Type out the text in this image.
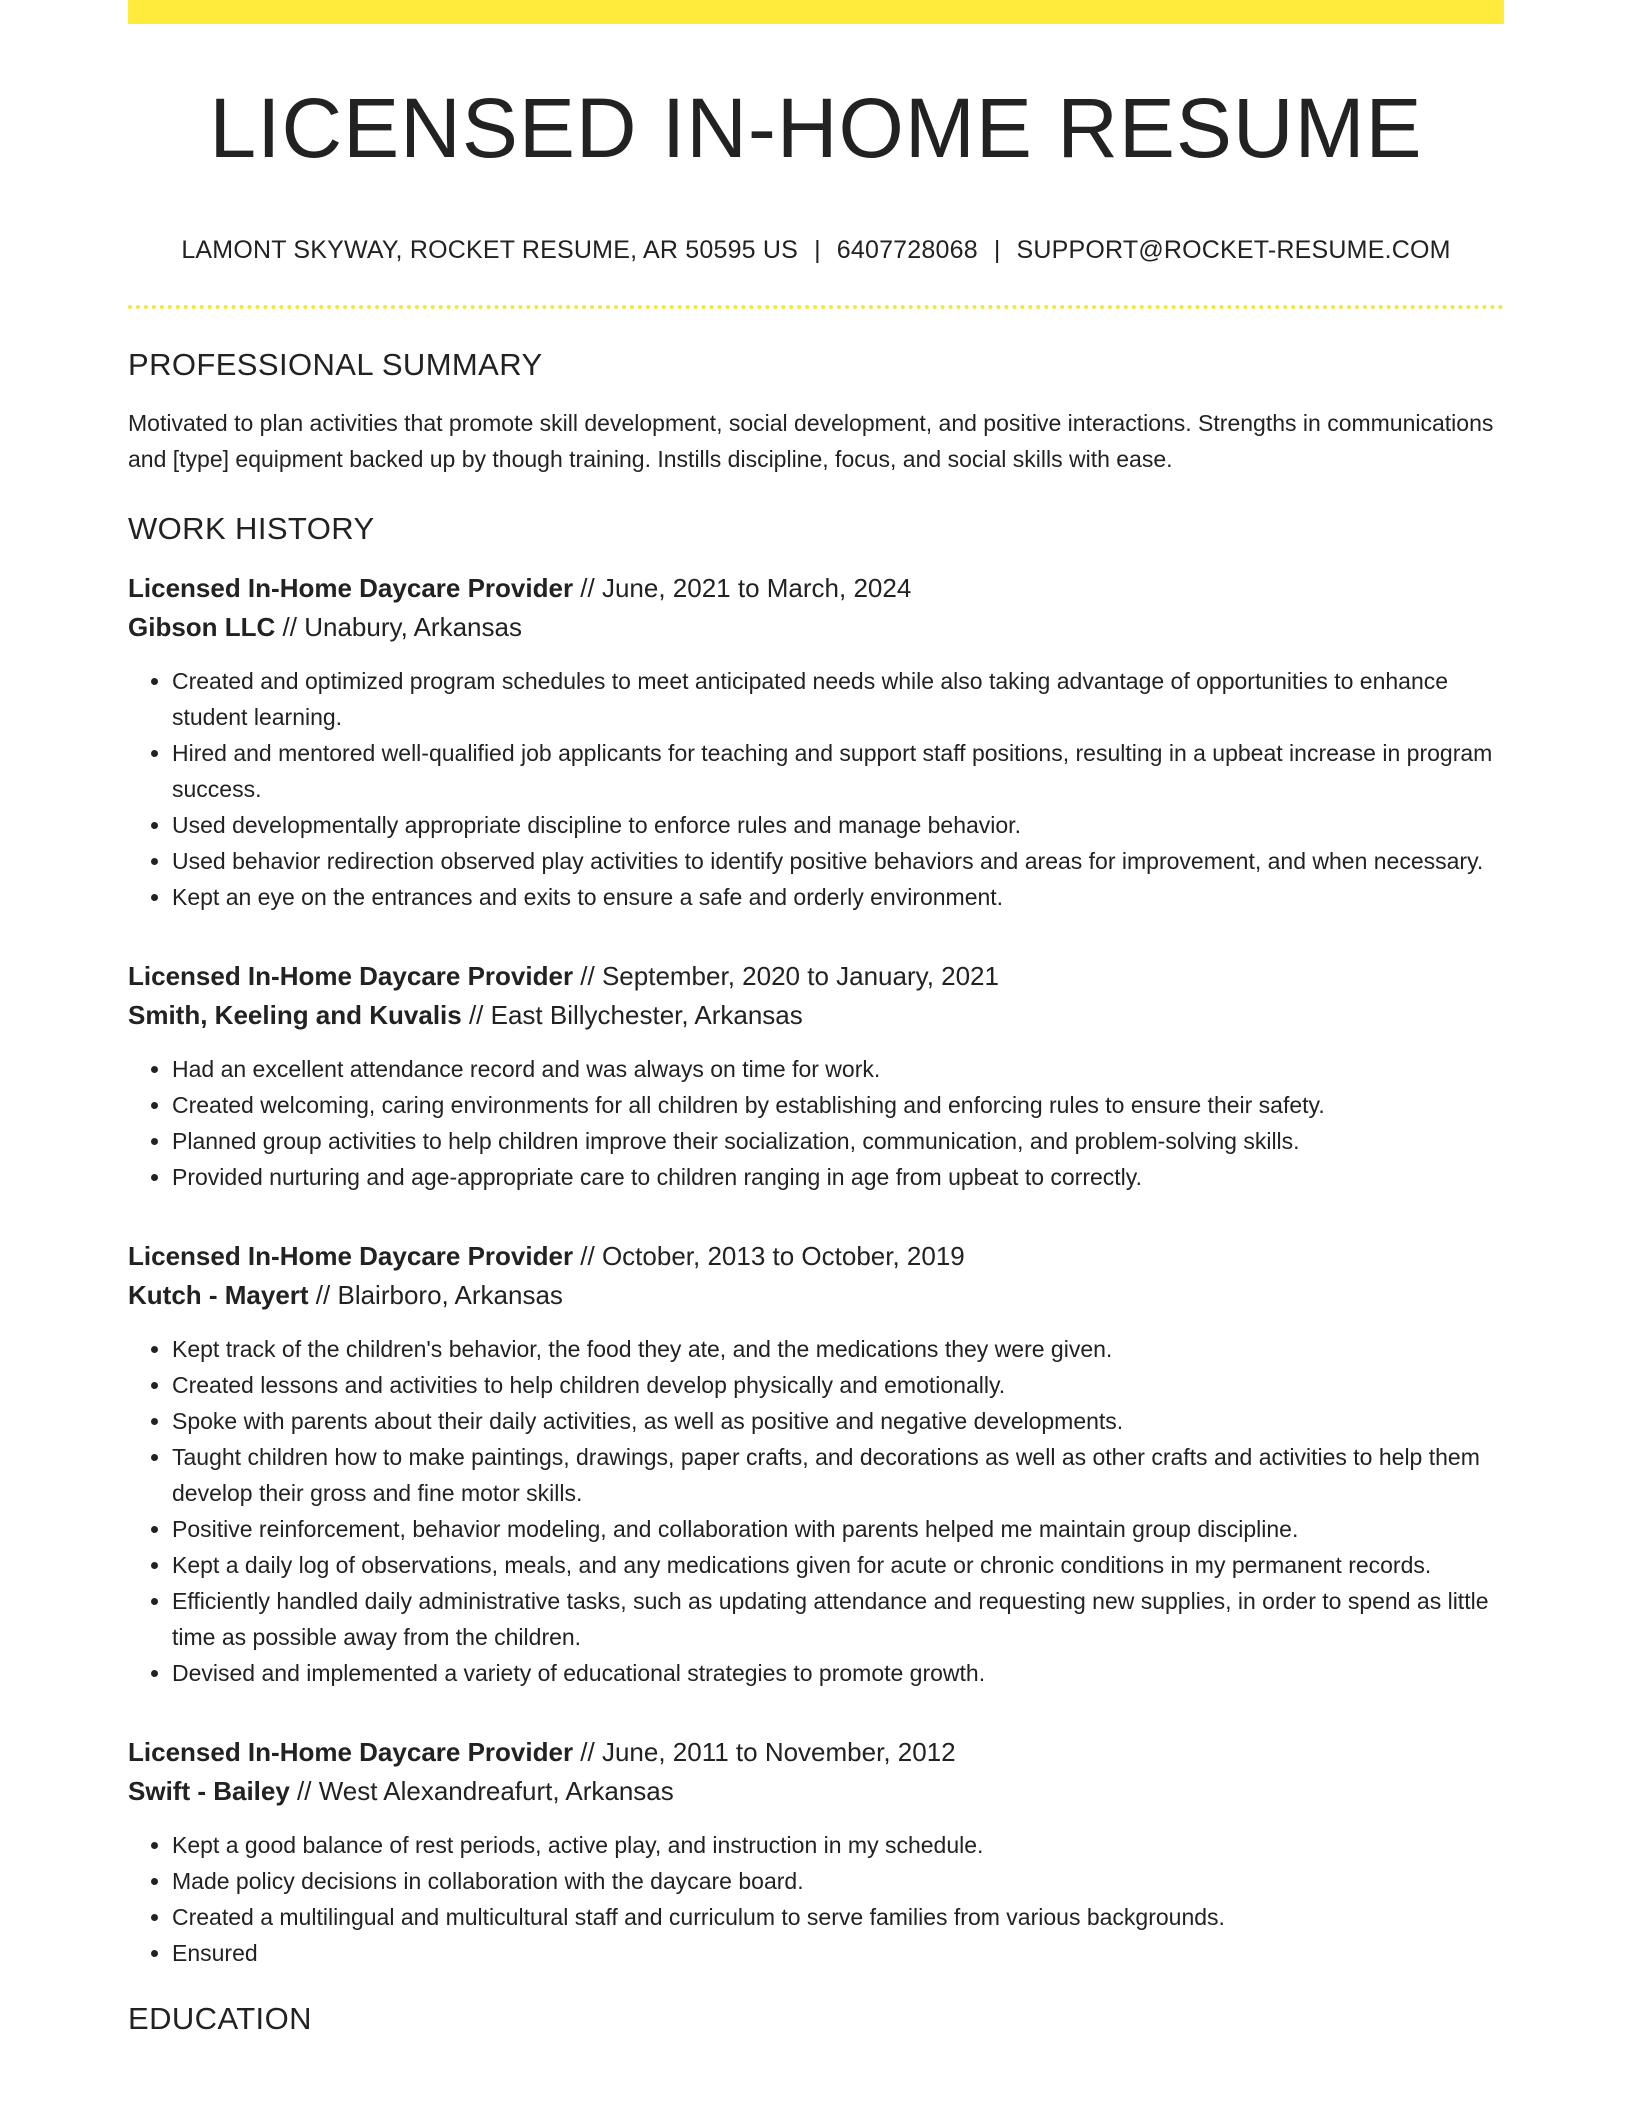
LICENSED IN-HOME RESUME
LAMONT SKYWAY, ROCKET RESUME, AR 50595 US | 6407728068 | SUPPORT@ROCKET-RESUME.COM
PROFESSIONAL SUMMARY
Motivated to plan activities that promote skill development, social development, and positive interactions. Strengths in communications and [type] equipment backed up by though training. Instills discipline, focus, and social skills with ease.
WORK HISTORY
Licensed In-Home Daycare Provider // June, 2021 to March, 2024
Gibson LLC // Unabury, Arkansas
• Created and optimized program schedules to meet anticipated needs while also taking advantage of opportunities to enhance student learning.
• Hired and mentored well-qualified job applicants for teaching and support staff positions, resulting in a upbeat increase in program success.
• Used developmentally appropriate discipline to enforce rules and manage behavior.
• Used behavior redirection observed play activities to identify positive behaviors and areas for improvement, and when necessary.
• Kept an eye on the entrances and exits to ensure a safe and orderly environment.
Licensed In-Home Daycare Provider // September, 2020 to January, 2021
Smith, Keeling and Kuvalis // East Billychester, Arkansas
• Had an excellent attendance record and was always on time for work.
• Created welcoming, caring environments for all children by establishing and enforcing rules to ensure their safety.
• Planned group activities to help children improve their socialization, communication, and problem-solving skills.
• Provided nurturing and age-appropriate care to children ranging in age from upbeat to correctly.
Licensed In-Home Daycare Provider // October, 2013 to October, 2019
Kutch - Mayert // Blairboro, Arkansas
• Kept track of the children's behavior, the food they ate, and the medications they were given.
• Created lessons and activities to help children develop physically and emotionally.
• Spoke with parents about their daily activities, as well as positive and negative developments.
• Taught children how to make paintings, drawings, paper crafts, and decorations as well as other crafts and activities to help them develop their gross and fine motor skills.
• Positive reinforcement, behavior modeling, and collaboration with parents helped me maintain group discipline.
• Kept a daily log of observations, meals, and any medications given for acute or chronic conditions in my permanent records.
• Efficiently handled daily administrative tasks, such as updating attendance and requesting new supplies, in order to spend as little time as possible away from the children.
• Devised and implemented a variety of educational strategies to promote growth.
Licensed In-Home Daycare Provider // June, 2011 to November, 2012
Swift - Bailey // West Alexandreafurt, Arkansas
• Kept a good balance of rest periods, active play, and instruction in my schedule.
• Made policy decisions in collaboration with the daycare board.
• Created a multilingual and multicultural staff and curriculum to serve families from various backgrounds.
• Ensured
EDUCATION
